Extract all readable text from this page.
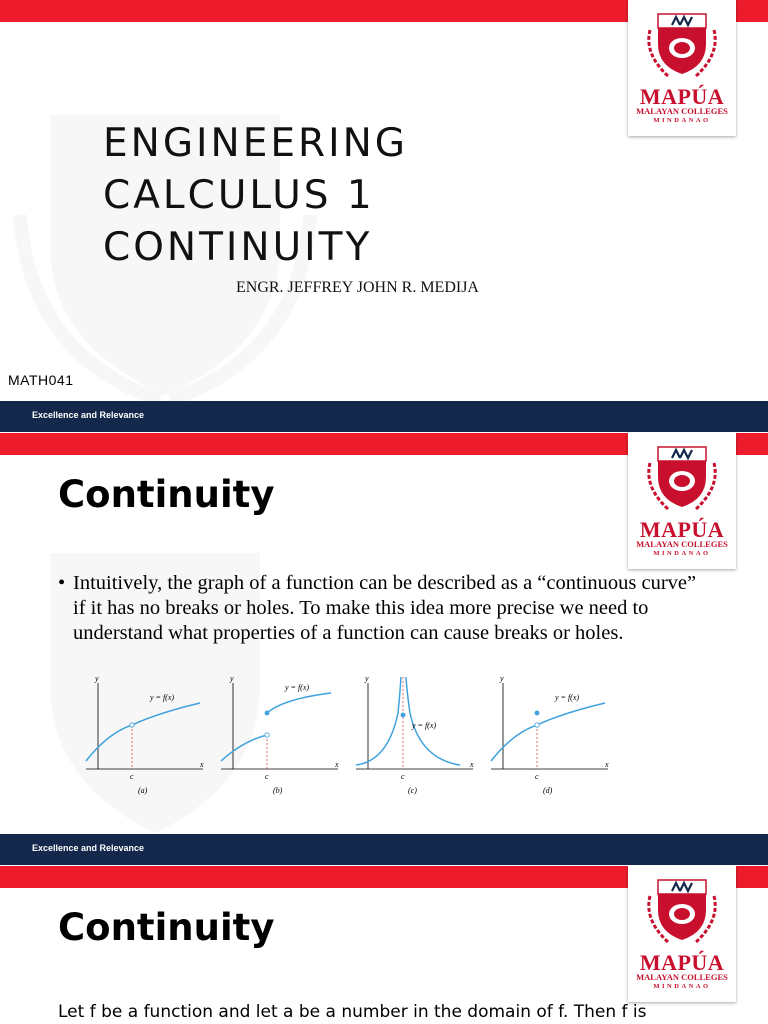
MAPÚA
MALAYAN COLLEGES
MINDANAO
ENGINEERING
CALCULUS 1
CONTINUITY
ENGR. JEFFREY JOHN R. MEDIJA
MATH041
Excellence and Relevance
MAPÚA
MALAYAN COLLEGES
MINDANAO
Continuity
• Intuitively, the graph of a function can be described as a “continuous curve” if it has no breaks or holes. To make this idea more precise we need to understand what properties of a function can cause breaks or holes.
y
x
c
y = f(x)
(a)
y
x
c
y = f(x)
(b)
y
x
c
y = f(x)
(c)
y
x
c
y = f(x)
(d)
Excellence and Relevance
MAPÚA
MALAYAN COLLEGES
MINDANAO
Continuity
Let f be a function and let a be a number in the domain of f. Then f is
